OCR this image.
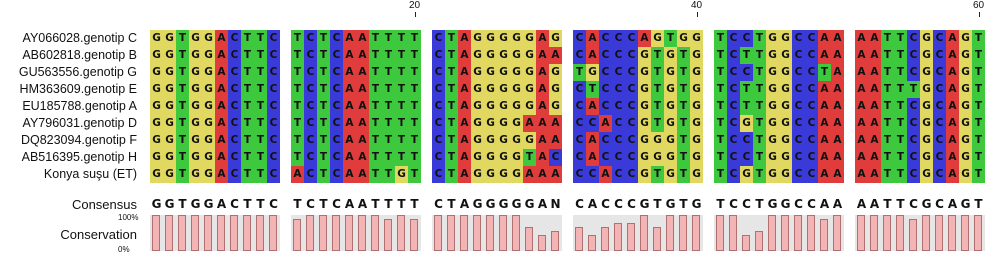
20	40	60
AY066028.genotip C
AB602818.genotip B
GU563556.genotip G
HM363609.genotip E
EU185788.genotip A
AY796031.genotip D
DQ823094.genotip F
AB516395.genotip H
Konya suşu (ET)
G G T G G A C T T C T C T C A A T T T T C T A G G G G G A G C A C C C A G T G G T C C T G G C C A A A A T T C G C A G T
G G T G G A C T T C T C T C A A T T T T C T A G G G G G A A C A C C C G T G T G T C T T G G C C A A A A T T C G C A G T
G G T G G A C T T C T C T C A A T T T T C T A G G G G G A G T G C C C G T G T G T C C T G G C C T A A A T T C G C A G T
G G T G G A C T T C T C T C A A T T T T C T A G G G G G A G C T C C C G T G T G T C T T G G C C A A A A T T T G C A G T
G G T G G A C T T C T C T C A A T T T T C T A G G G G G A G C A C C C G T G T G T C T T G G C C A A A A T T C G C A G T
G G T G G A C T T C T C T C A A T T T T C T A G G G G A A A C C A C C G T G T G T C G T G G C C A A A A T T C G C A G T
G G T G G A C T T C T C T C A A T T T T C T A G G G G G A A C A C C C G G G T G T C C T G G C C A A A A T T C G C A G T
G G T G G A C T T C T C T C A A T T T T C T A G G G G T A C C A C C C G G G T G T C C T G G C C A A A A T T C G C A G T
G G T G G A C T T C A C T C A A T T G T C T A G G G G A A A C C A C C G T G T G T C G T G G C C A A A A T T C G C A G T
Consensus G G T G G A C T T C T C T C A A T T T T C T A G G G G G A N C A C C C G T G T G T C C T G G C C A A A A T T C G C A G T
Conservation
100%
0%
